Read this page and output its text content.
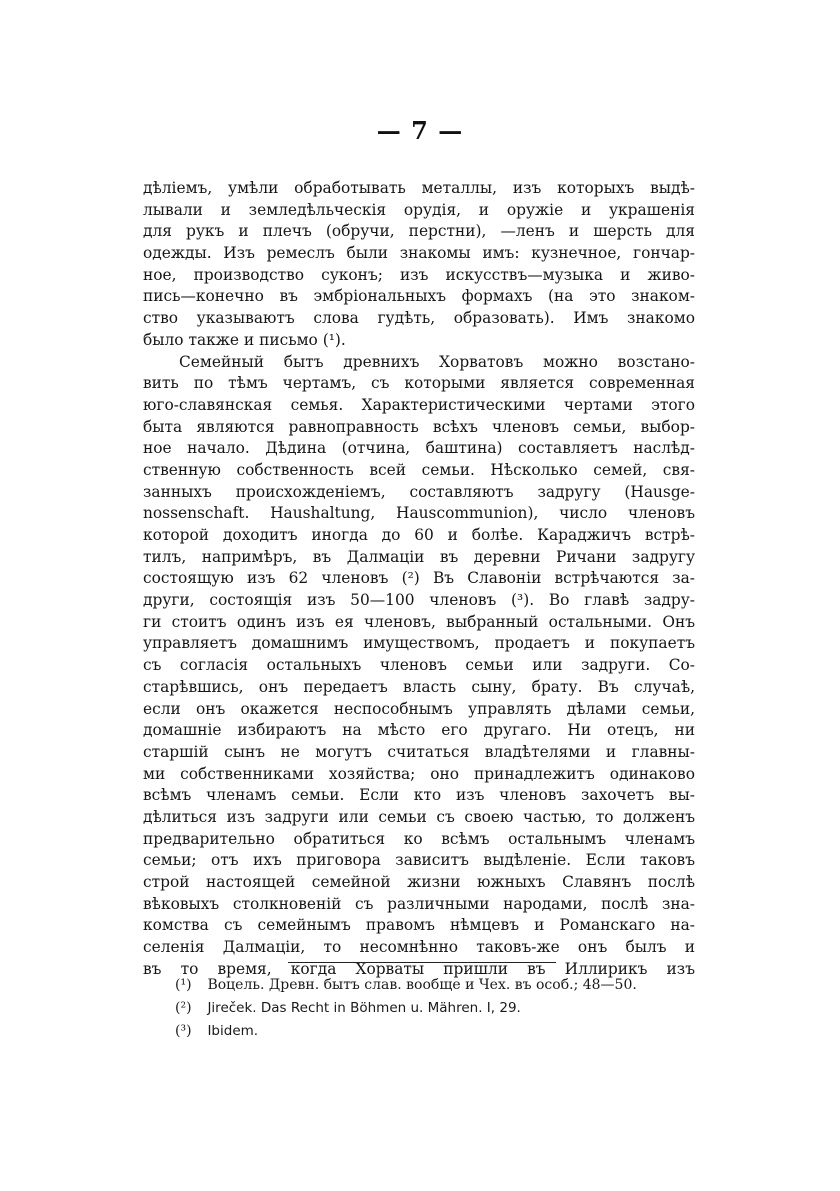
— 7 —
дѣліемъ, умѣли обработывать металлы, изъ которыхъ выдѣ-
лывали и земледѣльческія орудія, и оружіе и украшенія
для рукъ и плечъ (обручи, перстни), —ленъ и шерсть для
одежды. Изъ ремеслъ были знакомы имъ: кузнечное, гончар-
ное, производство суконъ; изъ искусствъ—музыка и живо-
пись—конечно въ эмбріональныхъ формахъ (на это знаком-
ство указываютъ слова гудѣть, образовать). Имъ знакомо
было также и письмо (¹).
Семейный бытъ древнихъ Хорватовъ можно возстано-
вить по тѣмъ чертамъ, съ которыми является современная
юго-славянская семья. Характеристическими чертами этого
быта являются равноправность всѣхъ членовъ семьи, выбор-
ное начало. Дѣдина (отчина, баштина) составляетъ наслѣд-
ственную собственность всей семьи. Нѣсколько семей, свя-
занныхъ происхожденіемъ, составляютъ задругу (Hausge-
nossenschaft. Haushaltung, Hauscommunion), число членовъ
которой доходитъ иногда до 60 и болѣе. Караджичъ встрѣ-
тилъ, напримѣръ, въ Далмаціи въ деревни Ричани задругу
состоящую изъ 62 членовъ (²) Въ Славоніи встрѣчаются за-
други, состоящія изъ 50—100 членовъ (³). Во главѣ задру-
ги стоитъ одинъ изъ ея членовъ, выбранный остальными. Онъ
управляетъ домашнимъ имуществомъ, продаетъ и покупаетъ
съ согласія остальныхъ членовъ семьи или задруги. Со-
старѣвшись, онъ передаетъ власть сыну, брату. Въ случаѣ,
если онъ окажется неспособнымъ управлять дѣлами семьи,
домашніе избираютъ на мѣсто его другаго. Ни отецъ, ни
старшій сынъ не могутъ считаться владѣтелями и главны-
ми собственниками хозяйства; оно принадлежитъ одинаково
всѣмъ членамъ семьи. Если кто изъ членовъ захочетъ вы-
дѣлиться изъ задруги или семьи съ своею частью, то долженъ
предварительно обратиться ко всѣмъ остальнымъ членамъ
семьи; отъ ихъ приговора зависитъ выдѣленіе. Если таковъ
строй настоящей семейной жизни южныхъ Славянъ послѣ
вѣковыхъ столкновеній съ различными народами, послѣ зна-
комства съ семейнымъ правомъ нѣмцевъ и Романскаго на-
селенія Далмаціи, то несомнѣнно таковъ-же онъ былъ и
въ то время, когда Хорваты пришли въ Иллирикъ изъ
(¹) Воцель. Древн. бытъ слав. вообще и Чех. въ особ.; 48—50.
(²) Jireček. Das Recht in Böhmen u. Mähren. I, 29.
(³) Ibidem.
